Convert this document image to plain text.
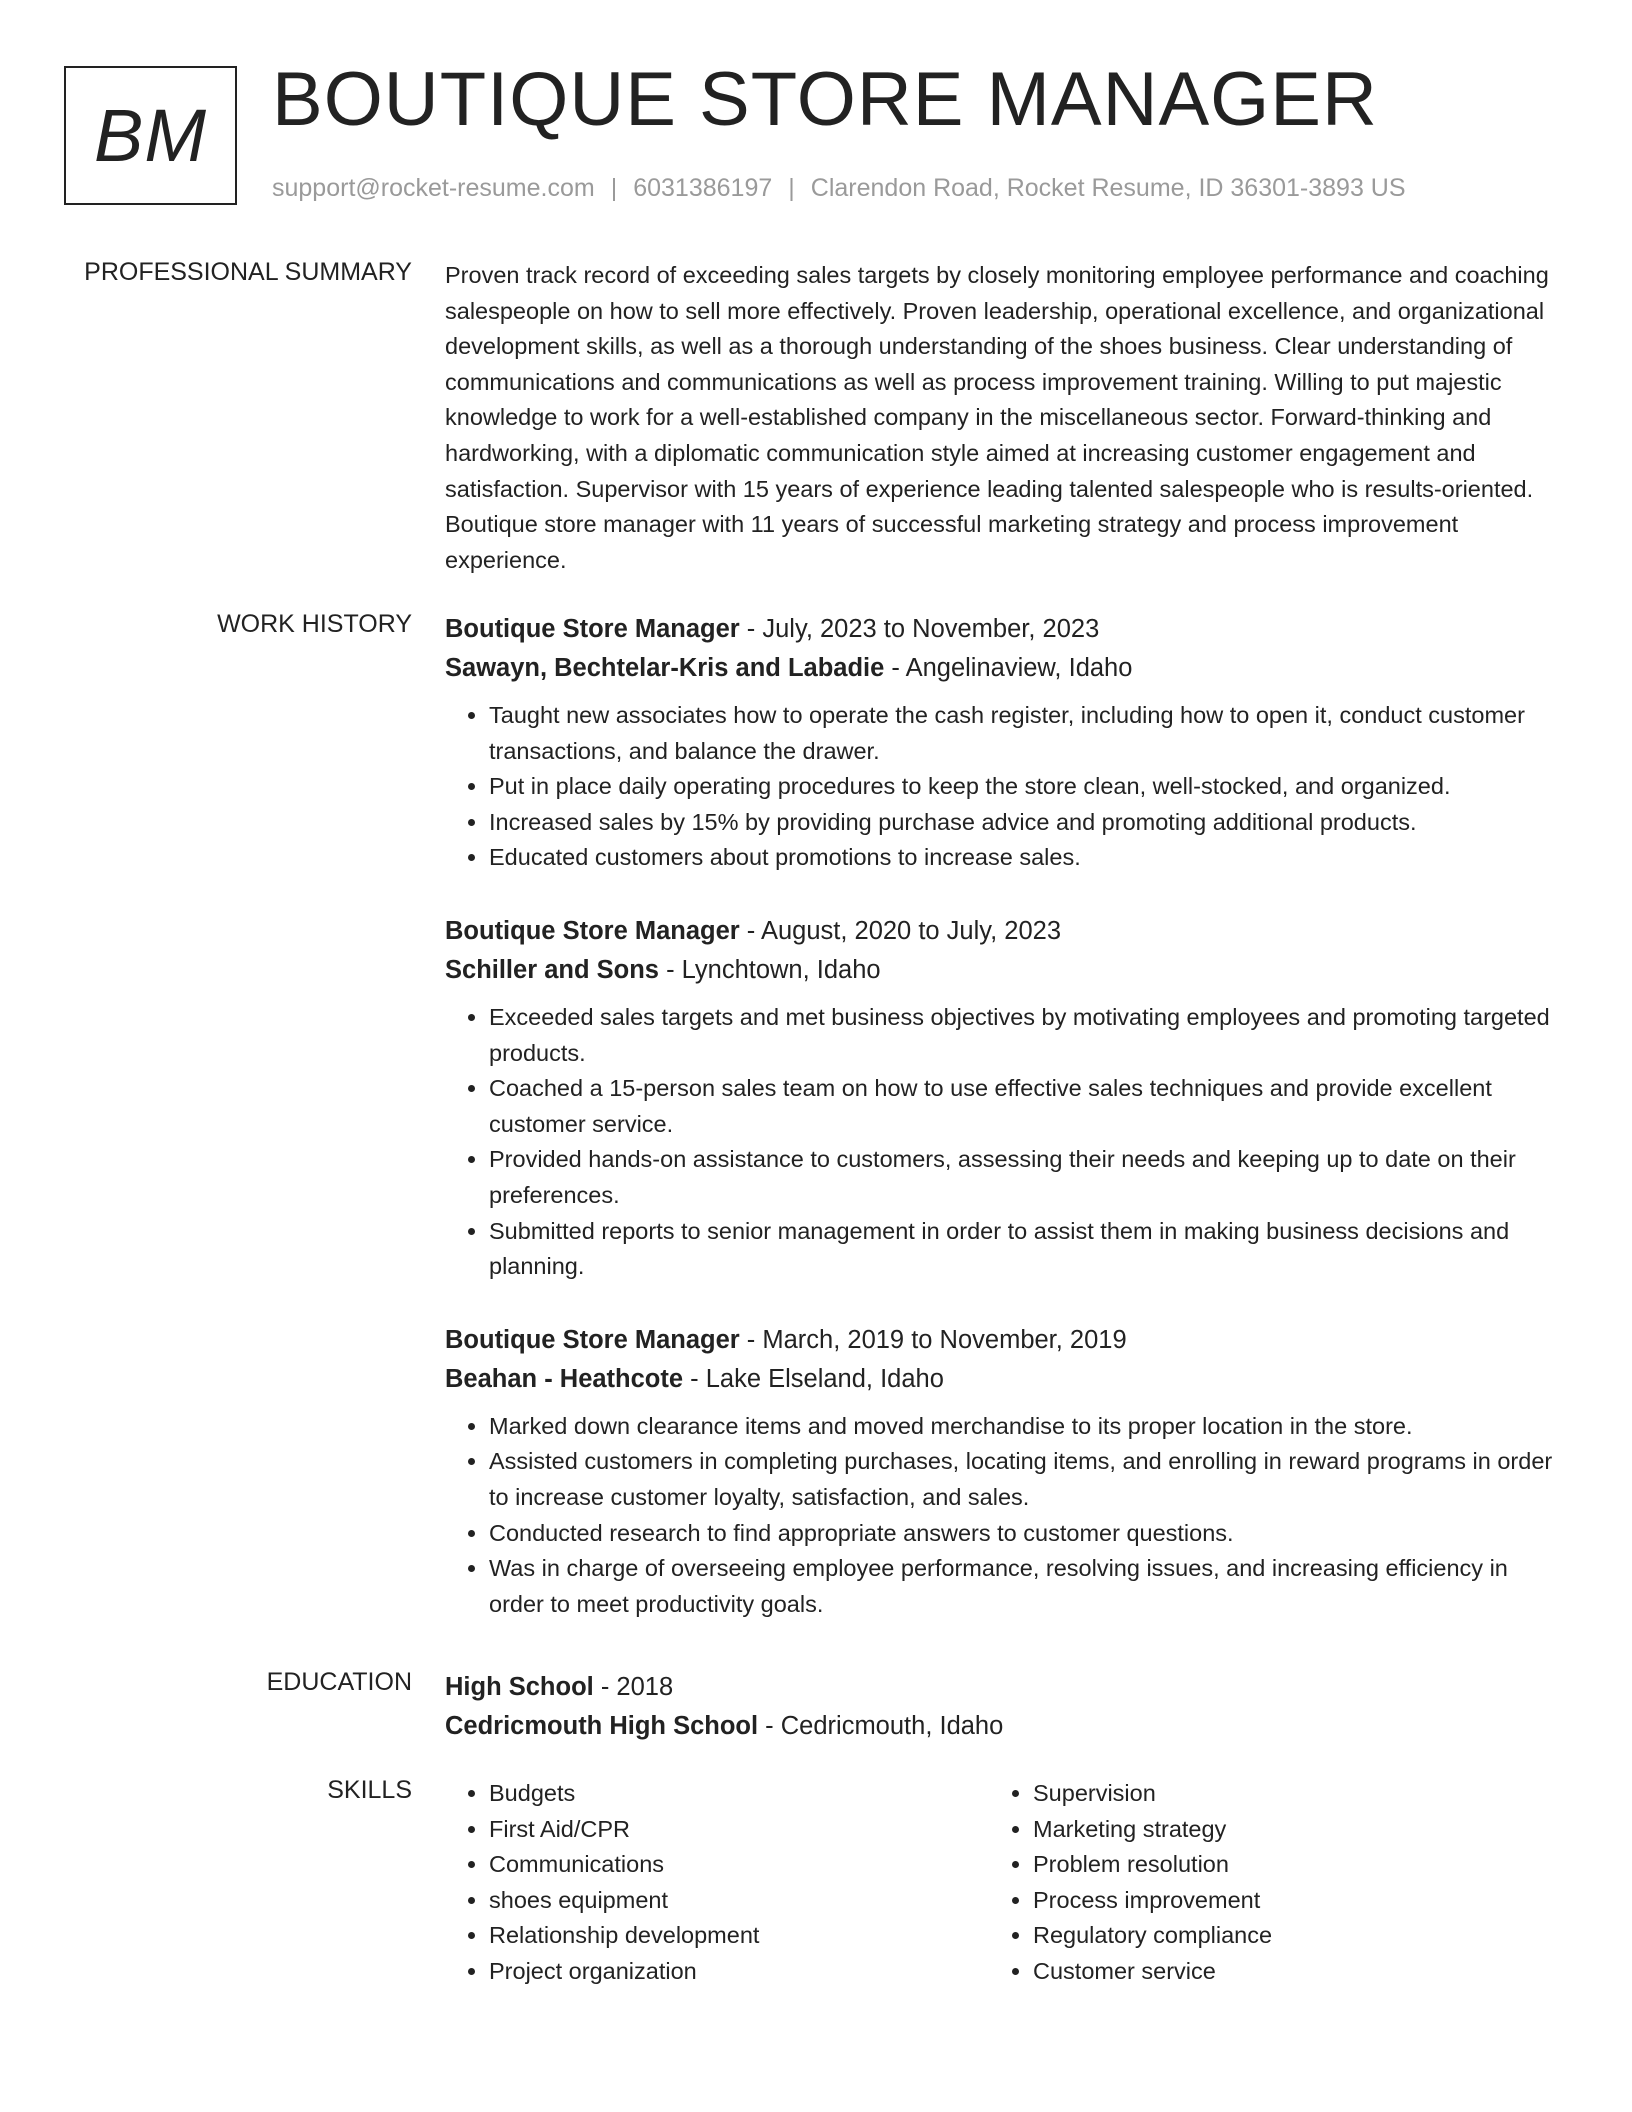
BM BOUTIQUE STORE MANAGER
support@rocket-resume.com | 6031386197 | Clarendon Road, Rocket Resume, ID 36301-3893 US
PROFESSIONAL SUMMARY Proven track record of exceeding sales targets by closely monitoring employee performance and coaching salespeople on how to sell more effectively. Proven leadership, operational excellence, and organizational development skills, as well as a thorough understanding of the shoes business. Clear understanding of communications and communications as well as process improvement training. Willing to put majestic knowledge to work for a well-established company in the miscellaneous sector. Forward-thinking and hardworking, with a diplomatic communication style aimed at increasing customer engagement and satisfaction. Supervisor with 15 years of experience leading talented salespeople who is results-oriented. Boutique store manager with 11 years of successful marketing strategy and process improvement experience.

WORK HISTORY Boutique Store Manager - July, 2023 to November, 2023
Sawayn, Bechtelar-Kris and Labadie - Angelinaview, Idaho
• Taught new associates how to operate the cash register, including how to open it, conduct customer transactions, and balance the drawer.
• Put in place daily operating procedures to keep the store clean, well-stocked, and organized.
• Increased sales by 15% by providing purchase advice and promoting additional products.
• Educated customers about promotions to increase sales.
Boutique Store Manager - August, 2020 to July, 2023
Schiller and Sons - Lynchtown, Idaho
• Exceeded sales targets and met business objectives by motivating employees and promoting targeted products.
• Coached a 15-person sales team on how to use effective sales techniques and provide excellent customer service.
• Provided hands-on assistance to customers, assessing their needs and keeping up to date on their preferences.
• Submitted reports to senior management in order to assist them in making business decisions and planning.
Boutique Store Manager - March, 2019 to November, 2019
Beahan - Heathcote - Lake Elseland, Idaho
• Marked down clearance items and moved merchandise to its proper location in the store.
• Assisted customers in completing purchases, locating items, and enrolling in reward programs in order to increase customer loyalty, satisfaction, and sales.
• Conducted research to find appropriate answers to customer questions.
• Was in charge of overseeing employee performance, resolving issues, and increasing efficiency in order to meet productivity goals.
EDUCATION High School - 2018
Cedricmouth High School - Cedricmouth, Idaho
SKILLS
•	Budgets
• First Aid/CPR
• Communications
• shoes equipment
• Relationship development
• Project organization
• Supervision
• Marketing strategy
• Problem resolution
• Process improvement
• Regulatory compliance
• Customer service
